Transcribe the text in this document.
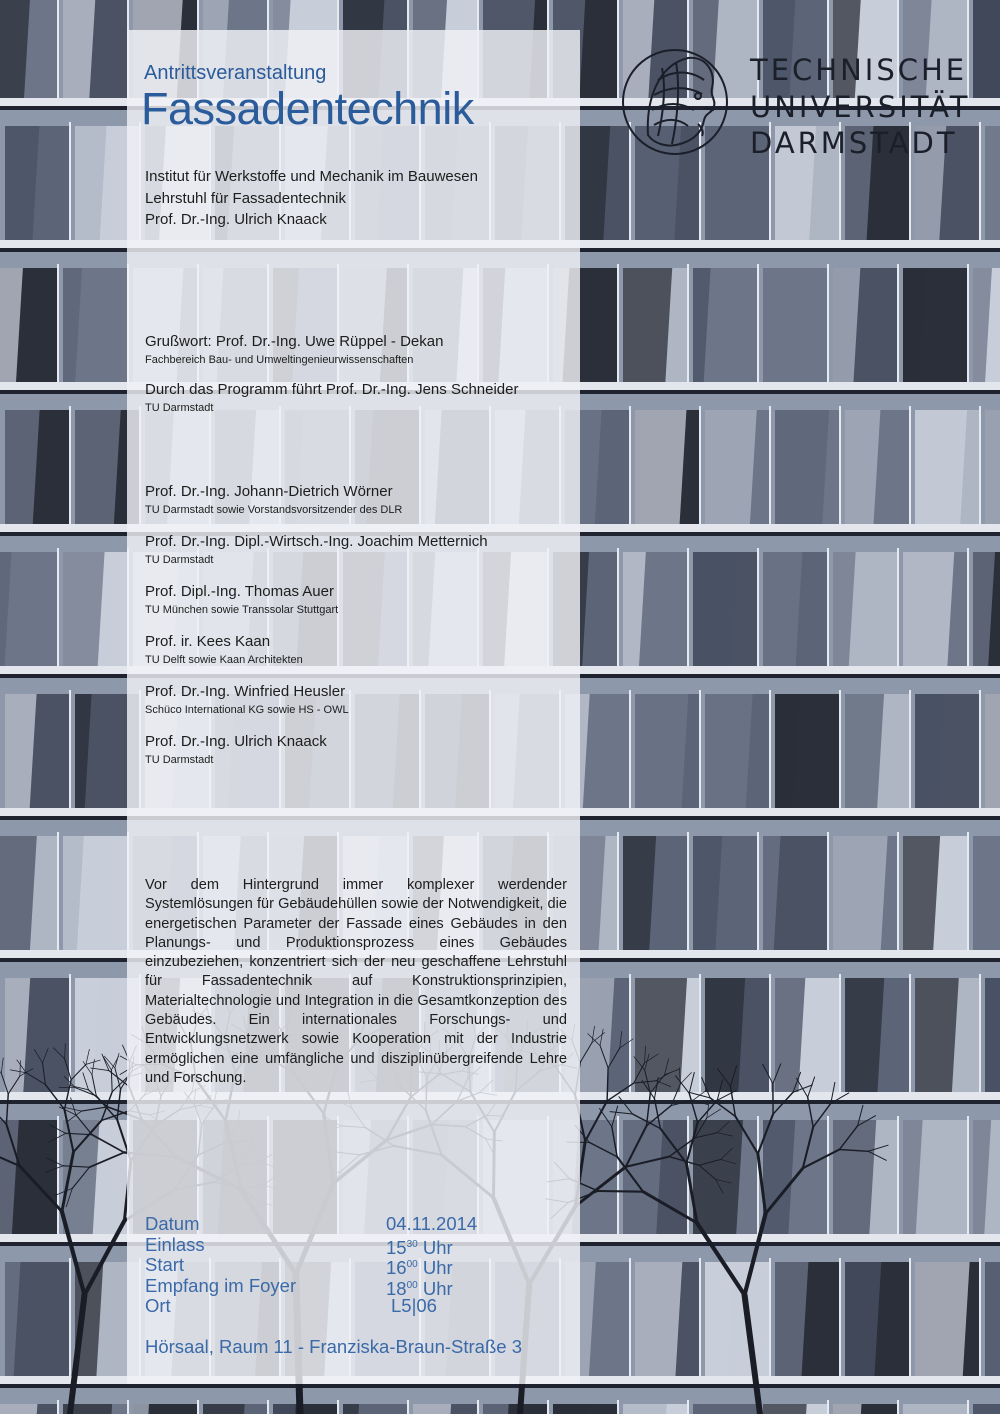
TECHNISCHE
UNIVERSITÄT
DARMSTADT
Antrittsveranstaltung
Fassadentechnik
Institut für Werkstoffe und Mechanik im Bauwesen
Lehrstuhl für Fassadentechnik
Prof. Dr.-Ing. Ulrich Knaack
Grußwort: Prof. Dr.-Ing. Uwe Rüppel - Dekan
Fachbereich Bau- und Umweltingenieurwissenschaften
Durch das Programm führt Prof. Dr.-Ing. Jens Schneider
TU Darmstadt
Prof. Dr.-Ing. Johann-Dietrich Wörner
TU Darmstadt sowie Vorstandsvorsitzender des DLR
Prof. Dr.-Ing. Dipl.-Wirtsch.-Ing. Joachim Metternich
TU Darmstadt
Prof. Dipl.-Ing. Thomas Auer
TU München sowie Transsolar Stuttgart
Prof. ir. Kees Kaan
TU Delft sowie Kaan Architekten
Prof. Dr.-Ing. Winfried Heusler
Schüco International KG sowie HS - OWL
Prof. Dr.-Ing. Ulrich Knaack
TU Darmstadt

Vor dem Hintergrund immer komplexer werdender Systemlösungen für Gebäudehüllen sowie der Notwendigkeit, die energetischen Parameter der Fassade eines Gebäudes in den Planungs- und Produktionsprozess eines Gebäudes einzubeziehen, konzentriert sich der neu geschaffene Lehrstuhl für Fassadentechnik auf Konstruktionsprinzipien, Materialtechnologie und Integration in die Gesamtkonzeption des Gebäudes. Ein internationales Forschungs- und Entwicklungsnetzwerk sowie Kooperation mit der Industrie ermöglichen eine umfängliche und disziplinübergreifende Lehre und Forschung.

Datum	04.11.2014
Einlass	$15^{30}$ Uhr
Start	$16^{00}$ Uhr
Empfang im Foyer	$18^{00}$ Uhr
Ort	L5|06
Hörsaal, Raum 11 - Franziska-Braun-Straße 3
